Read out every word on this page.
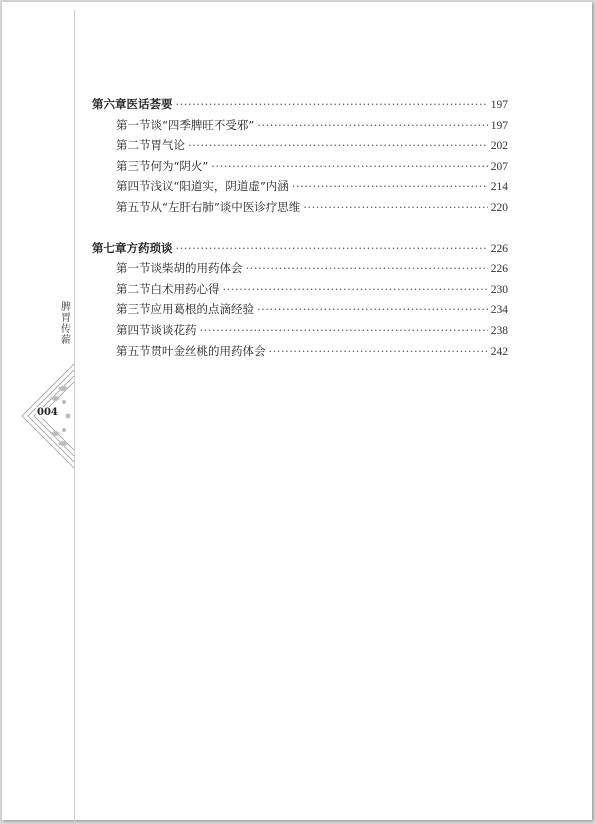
脾胃传薪
004
第六章 医话荟要 ·····	197
第一节 谈“四季脾旺不受邪” ·····	197
第二节 胃气论 ·····	202
第三节 何为“阴火” ·····	207
第四节 浅议“阳道实，阴道虚”内涵 ·····	214
第五节 从“左肝右肺”谈中医诊疗思维 ·····	220
第七章 方药琐谈 ·····	226
第一节 谈柴胡的用药体会 ·····	226
第二节 白术用药心得 ·····	230
第三节 应用葛根的点滴经验 ·····	234
第四节 谈谈花药 ·····	238
第五节 贯叶金丝桃的用药体会 ·····	242
